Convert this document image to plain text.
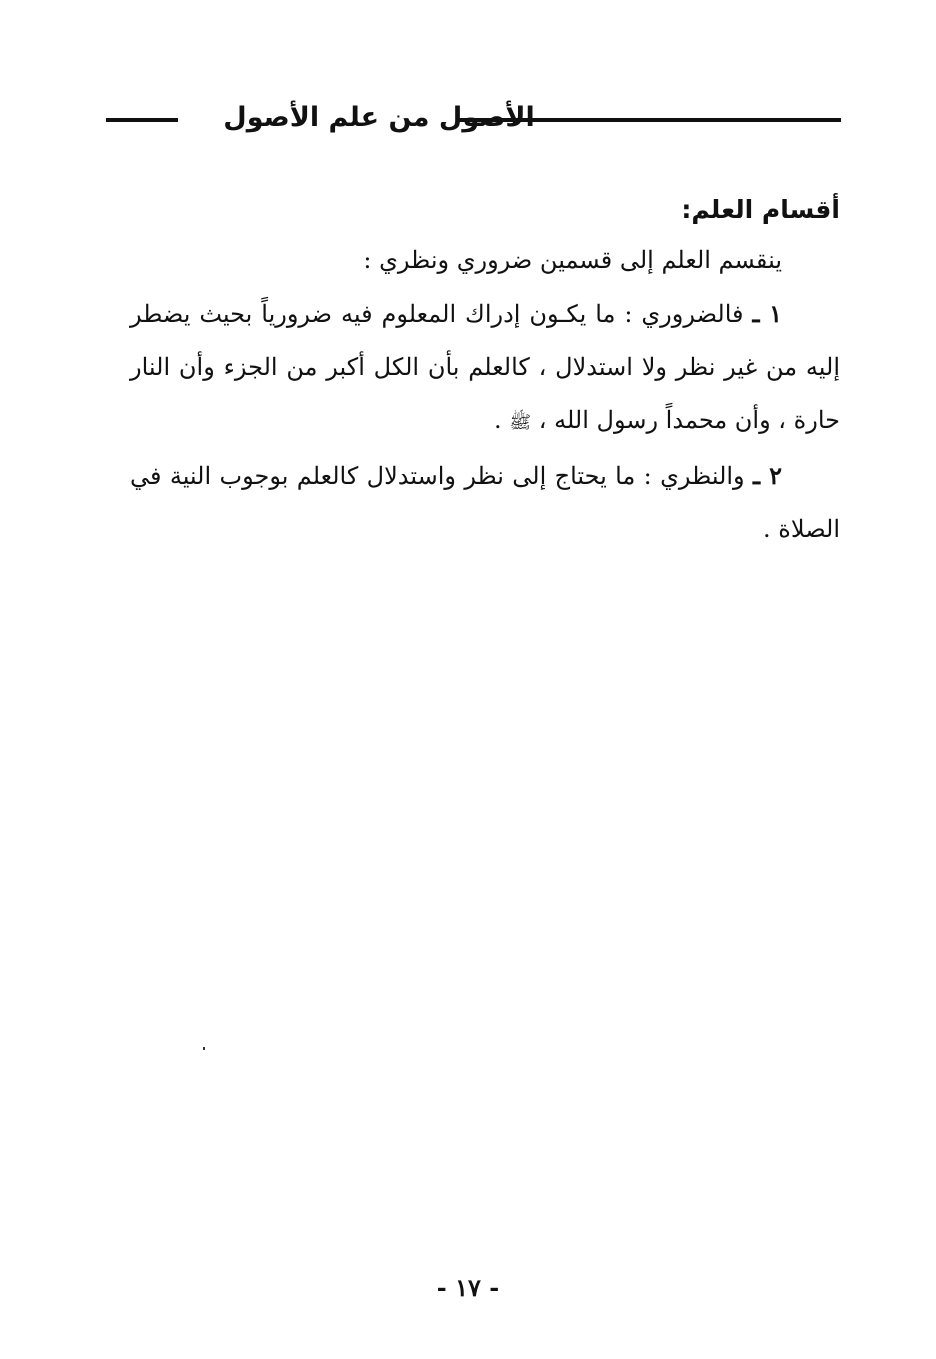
الأصول من علم الأصول

أقسام العلم:

ينقسم العلم إلى قسمين ضروري ونظري :

١ ـ فالضروري : ما يكـون إدراك المعلوم فيه ضرورياً بحيث يضطر إليه من غير نظر ولا استدلال ، كالعلم بأن الكل أكبر من الجزء وأن النار حارة ، وأن محمداً رسول الله ، ﷺ .

٢ ـ والنظري : ما يحتاج إلى نظر واستدلال كالعلم بوجوب النية في الصلاة .

- ١٧ -
